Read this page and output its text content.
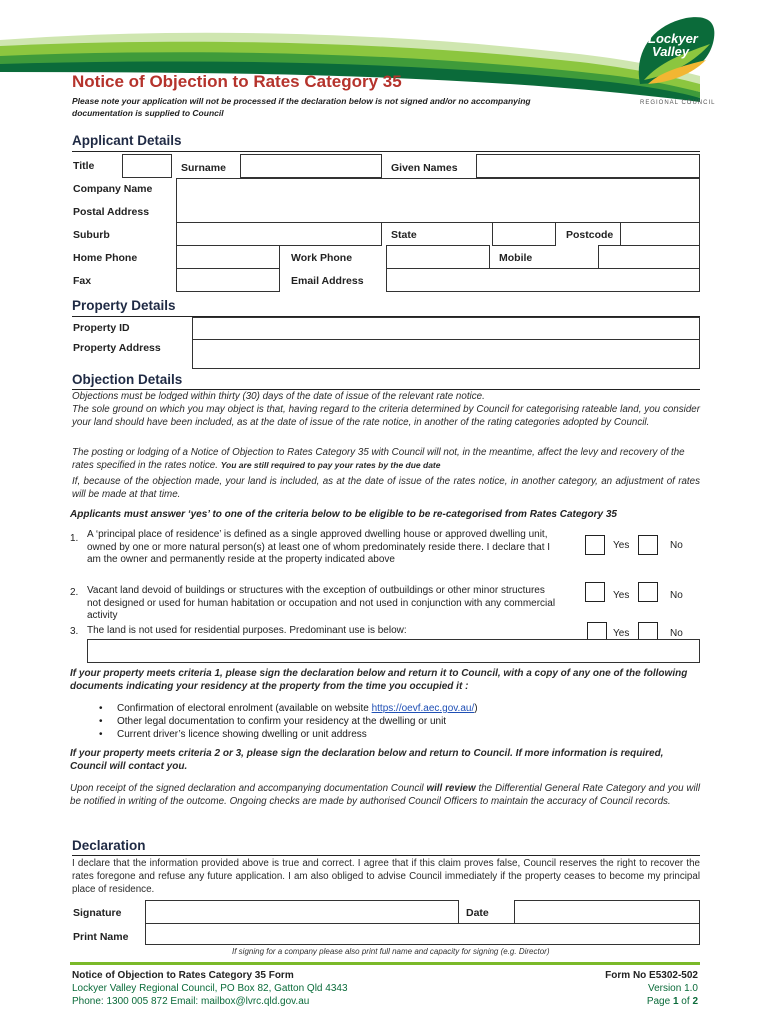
Lockyer
Valley
REGIONAL COUNCIL
Notice of Objection to Rates Category 35
Please note your application will not be processed if the declaration below is not signed and/or no accompanying documentation is supplied to Council
Applicant Details
Title	Surname	Given Names
Company Name
Postal Address
Suburb	State	Postcode
Home Phone	Work Phone	Mobile
Fax	Email Address
Property Details
Property ID
Property Address
Objection Details
Objections must be lodged within thirty (30) days of the date of issue of the relevant rate notice.
The sole ground on which you may object is that, having regard to the criteria determined by Council for categorising rateable land, you consider your land should have been included, as at the date of issue of the rate notice, in another of the rating categories adopted by Council.
The posting or lodging of a Notice of Objection to Rates Category 35 with Council will not, in the meantime, affect the levy and recovery of the rates specified in the rates notice. You are still required to pay your rates by the due date
If, because of the objection made, your land is included, as at the date of issue of the rates notice, in another category, an adjustment of rates will be made at that time.
Applicants must answer ‘yes’ to one of the criteria below to be eligible to be re-categorised from Rates Category 35
1. A ‘principal place of residence’ is defined as a single approved dwelling house or approved dwelling unit, owned by one or more natural person(s) at least one of whom predominately reside there. I declare that I am the owner and permanently reside at the property indicated above
Yes	No
2. Vacant land devoid of buildings or structures with the exception of outbuildings or other minor structures not designed or used for human habitation or occupation and not used in conjunction with any commercial activity
Yes	No
3. The land is not used for residential purposes. Predominant use is below:	Yes	No
If your property meets criteria 1, please sign the declaration below and return it to Council, with a copy of any one of the following documents indicating your residency at the property from the time you occupied it :
• Confirmation of electoral enrolment (available on website https://oevf.aec.gov.au/)
• Other legal documentation to confirm your residency at the dwelling or unit
• Current driver’s licence showing dwelling or unit address
If your property meets criteria 2 or 3, please sign the declaration below and return to Council. If more information is required, Council will contact you.
Upon receipt of the signed declaration and accompanying documentation Council will review the Differential General Rate Category and you will be notified in writing of the outcome. Ongoing checks are made by authorised Council Officers to maintain the accuracy of Council records.
Declaration
I declare that the information provided above is true and correct. I agree that if this claim proves false, Council reserves the right to recover the rates foregone and refuse any future application. I am also obliged to advise Council immediately if the property ceases to become my principal place of residence.
Signature	Date
Print Name
If signing for a company please also print full name and capacity for signing (e.g. Director)
Notice of Objection to Rates Category 35 Form
Lockyer Valley Regional Council, PO Box 82, Gatton Qld 4343
Phone: 1300 005 872 Email: mailbox@lvrc.qld.gov.au
Form No E5302-502
Version 1.0
Page 1 of 2
